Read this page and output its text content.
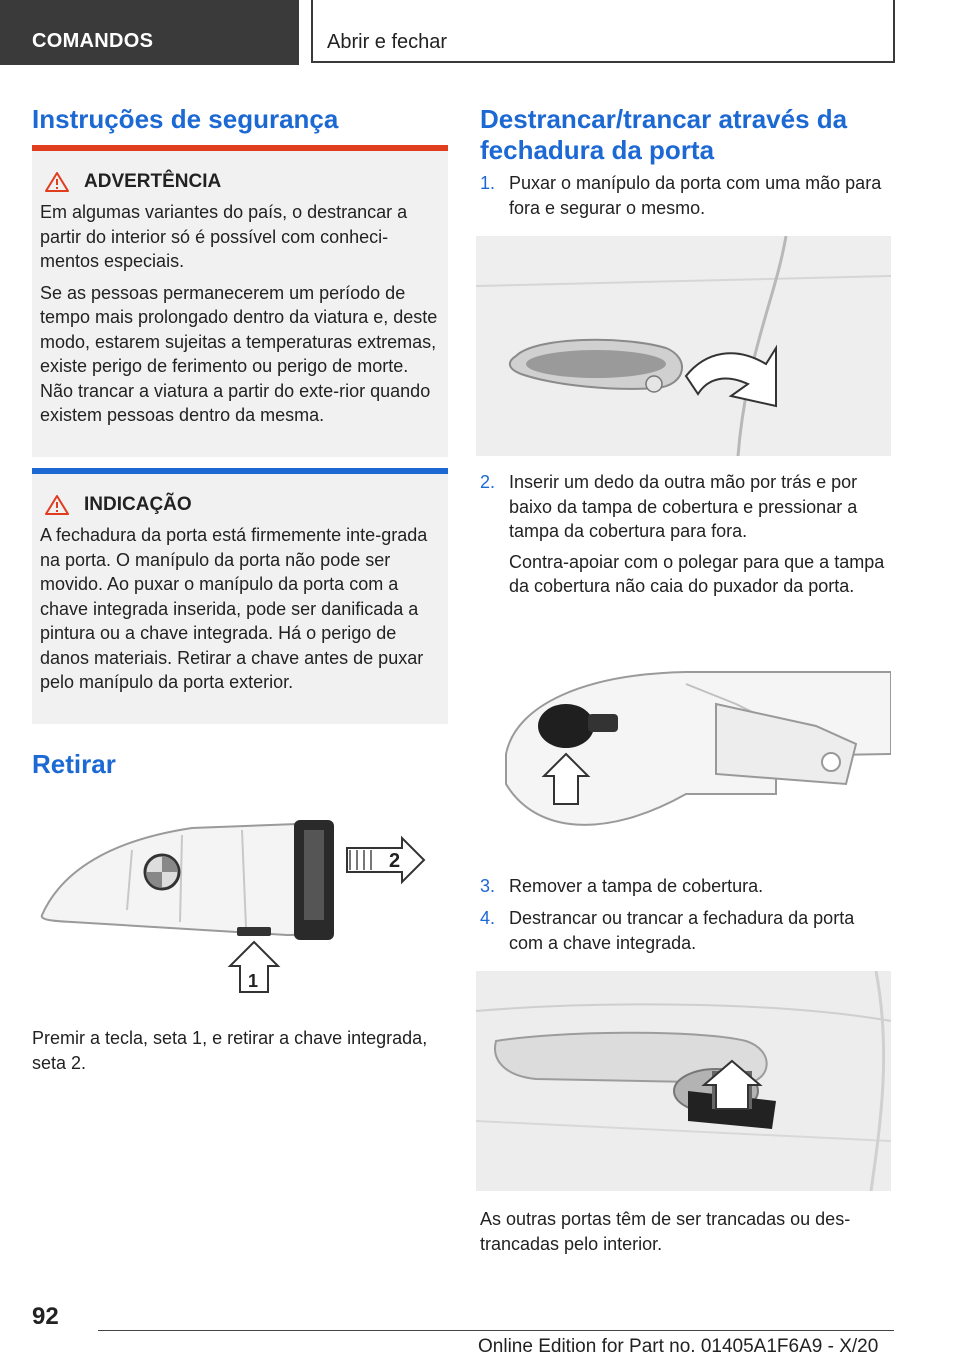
COMANDOS	Abrir e fechar
Instruções de segurança
ADVERTÊNCIA

Em algumas variantes do país, o destrancar a partir do interior só é possível com conheci-mentos especiais.

Se as pessoas permanecerem um período de tempo mais prolongado dentro da viatura e, deste modo, estarem sujeitas a temperaturas extremas, existe perigo de ferimento ou perigo de morte. Não trancar a viatura a partir do exte-rior quando existem pessoas dentro da mesma.

INDICAÇÃO

A fechadura da porta está firmemente inte-grada na porta. O manípulo da porta não pode ser movido. Ao puxar o manípulo da porta com a chave integrada inserida, pode ser danificada a pintura ou a chave integrada. Há o perigo de danos materiais. Retirar a chave antes de puxar pelo manípulo da porta exterior.

Retirar
2
1

Premir a tecla, seta 1, e retirar a chave integrada, seta 2.

Destrancar/trancar através da fechadura da porta
1. Puxar o manípulo da porta com uma mão para fora e segurar o mesmo.
2. Inserir um dedo da outra mão por trás e por baixo da tampa de cobertura e pressionar a tampa da cobertura para fora.
Contra-apoiar com o polegar para que a tampa da cobertura não caia do puxador da porta.
3. Remover a tampa de cobertura.
4. Destrancar ou trancar a fechadura da porta com a chave integrada.

As outras portas têm de ser trancadas ou des-trancadas pelo interior.

92
Online Edition for Part no. 01405A1F6A9 - X/20
